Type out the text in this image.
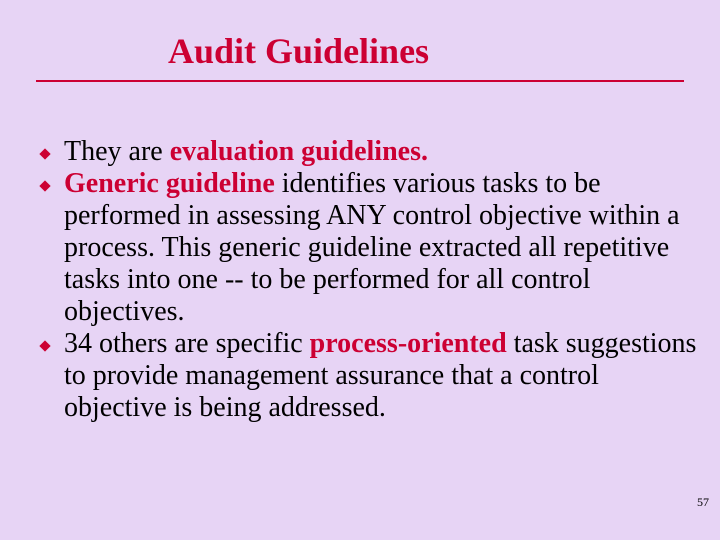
Audit Guidelines
They are evaluation guidelines.
Generic guideline identifies various tasks to be performed in assessing ANY control objective within a process. This generic guideline extracted all repetitive tasks into one -- to be performed for all control objectives.
34 others are specific process-oriented task suggestions to provide management assurance that a control objective is being addressed.
57
